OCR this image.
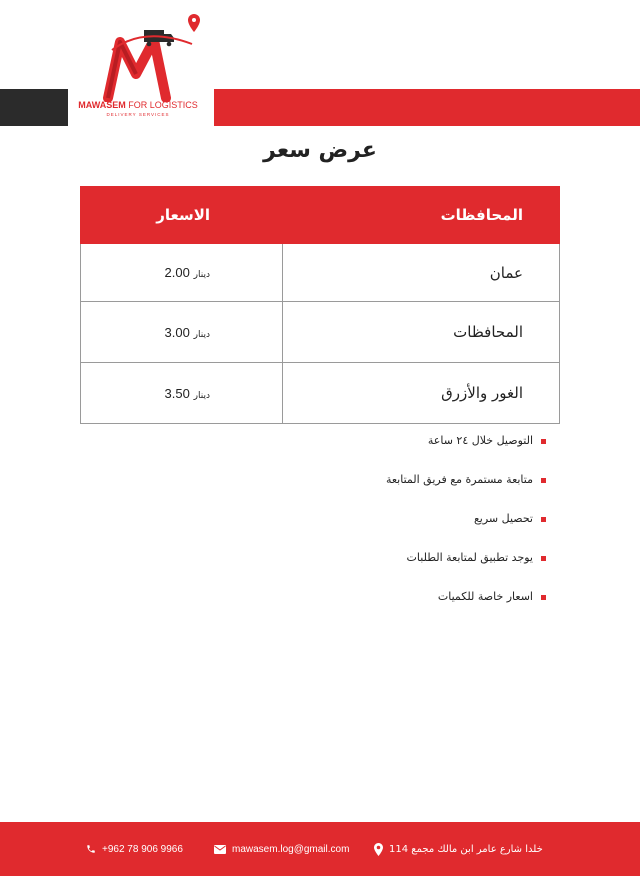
MAWASEM FOR LOGISTICS
DELIVERY SERVICES
عرض سعر
المحافظات	الاسعار
عمان	دينار 2.00
المحافظات	دينار 3.00
الغور والأزرق	دينار 3.50
التوصيل خلال ٢٤ ساعة
متابعة مستمرة مع فريق المتابعة
تحصيل سريع
يوجد تطبيق لمتابعة الطلبات
اسعار خاصة للكميات
+962 78 906 9966	mawasem.log@gmail.com	خلدا شارع عامر ابن مالك مجمع 114
